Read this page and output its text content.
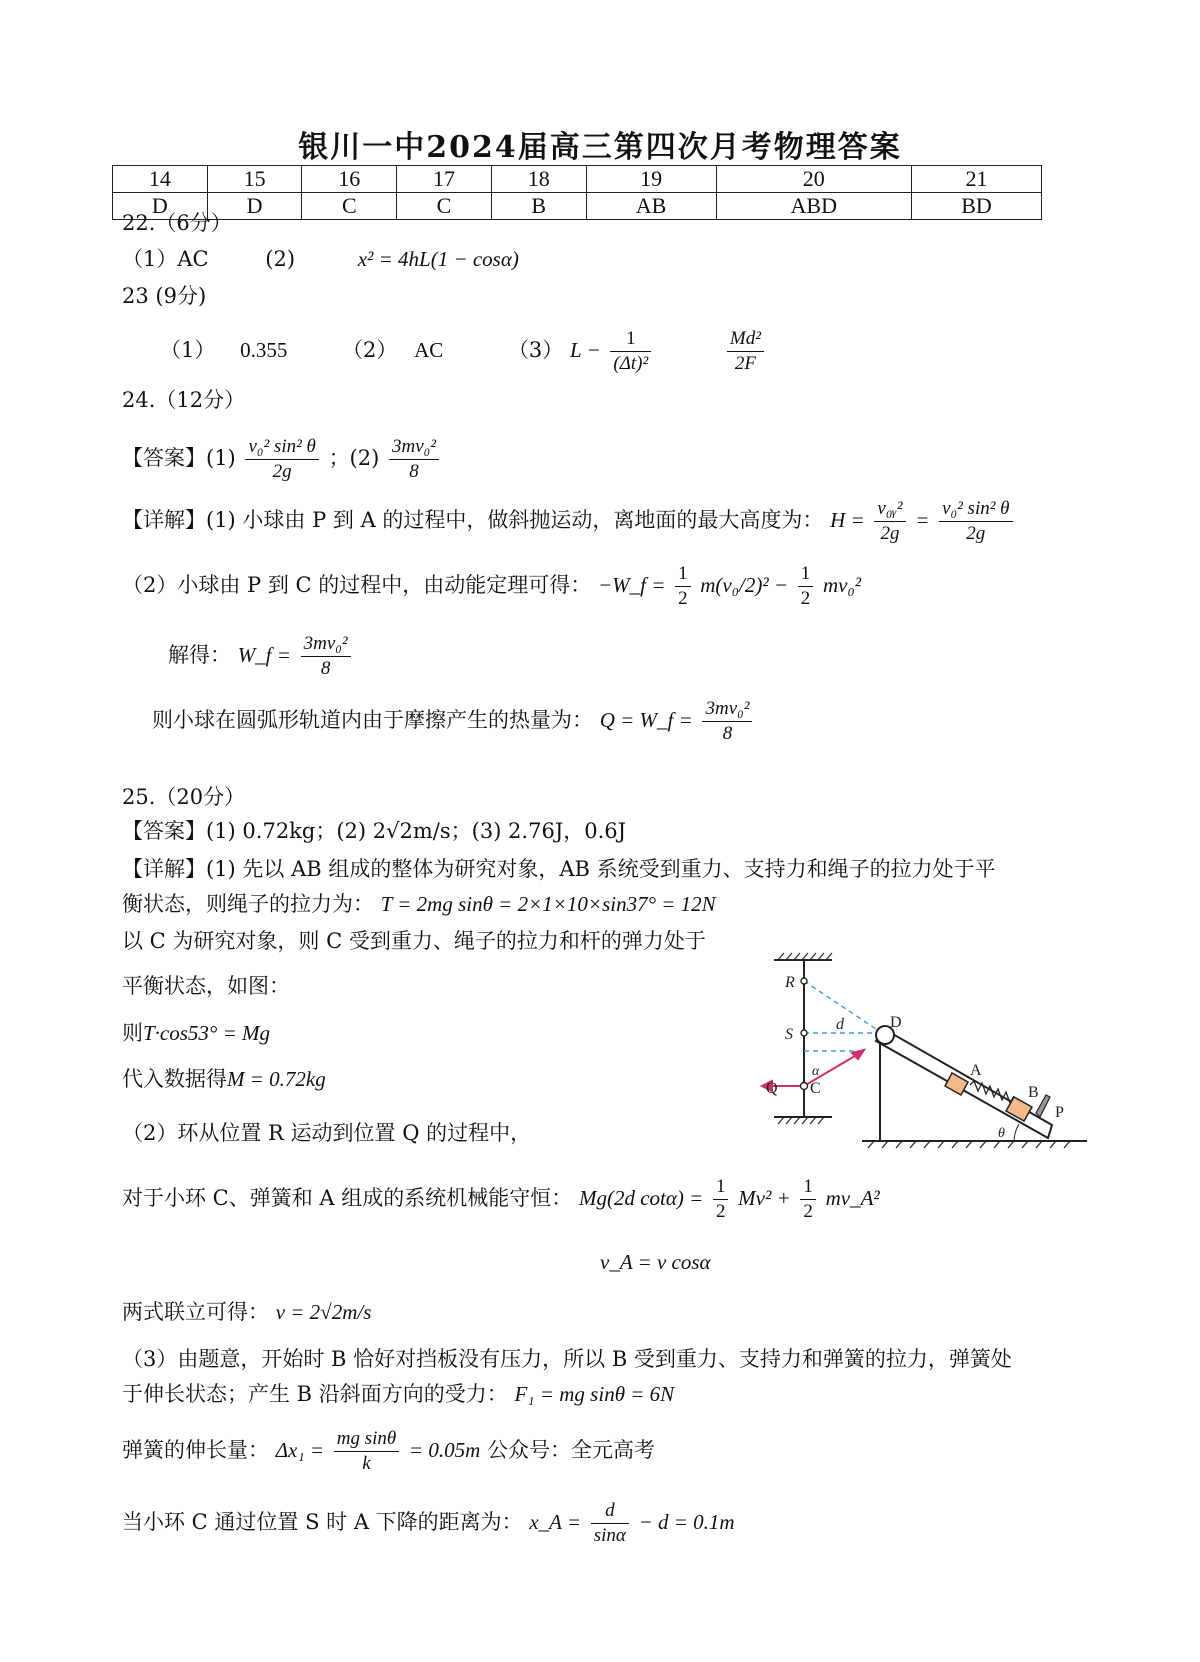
银川一中2024届高三第四次月考物理答案
14	15	16	17	18	19	20	21
D	D	C	C	B	AB	ABD	BD
22.（6分）
（1）AC	(2)	x² = 4hL(1 − cosα)
23 (9分)
（1） 0.355	（2） AC	（3） $L - \frac{1}{\text{(Δt)²}}$
	$\frac{\text{Md²}}{2F}$
24.（12分）
【答案】$(1) \frac{\text{v₀² sin² θ}}{2g}$ ；$(2) \frac{\text{3mv₀²}}{8}$
【详解】(1) 小球由 P 到 A 的过程中，做斜抛运动，离地面的最大高度为： $H = \frac{\text{v₀ᵧ²}}{2g} = \frac{\text{v₀² sin² θ}}{2g}$
（2）小球由 P 到 C 的过程中，由动能定理可得： −W_f = $\frac{1}{2} m(v_0/2)^2 - \frac{1}{2} mv_0^2$
解得： W_f = $\frac{\text{3mv₀²}}{8}$
则小球在圆弧形轨道内由于摩擦产生的热量为： Q = W_f = $\frac{\text{3mv₀²}}{8}$
25.（20分）
【答案】(1) 0.72kg；(2) 2√2m/s；(3) 2.76J，0.6J
【详解】(1) 先以 AB 组成的整体为研究对象，AB 系统受到重力、支持力和绳子的拉力处于平
衡状态，则绳子的拉力为： T = 2mg sinθ = 2×1×10×sin37° = 12N
以 C 为研究对象，则 C 受到重力、绳子的拉力和杆的弹力处于
平衡状态，如图：
则T·cos53° = Mg
代入数据得M = 0.72kg
（2）环从位置 R 运动到位置 Q 的过程中，
对于小环 C、弹簧和 A 组成的系统机械能守恒： Mg(2d $\cot\alpha) = \frac{1}{2} Mv^2 + \frac{1}{2}$ mv_A²
v_A = v cosα
两式联立可得： v = 2√2m/s
（3）由题意，开始时 B 恰好对挡板没有压力，所以 B 受到重力、支持力和弹簧的拉力，弹簧处
于伸长状态；产生 B 沿斜面方向的受力： F₁ = mg sinθ = 6N
弹簧的伸长量： $\Delta x_1 = \frac{\text{mg sinθ}}{k} = 0.05m$ 公众号：全元高考
当小环 C 通过位置 S 时 A 下降的距离为： x_A = $\frac{d}{\sin\alpha} - d = 0.1m$
R
S
Q C
d	D
α	A
B
P
θ
